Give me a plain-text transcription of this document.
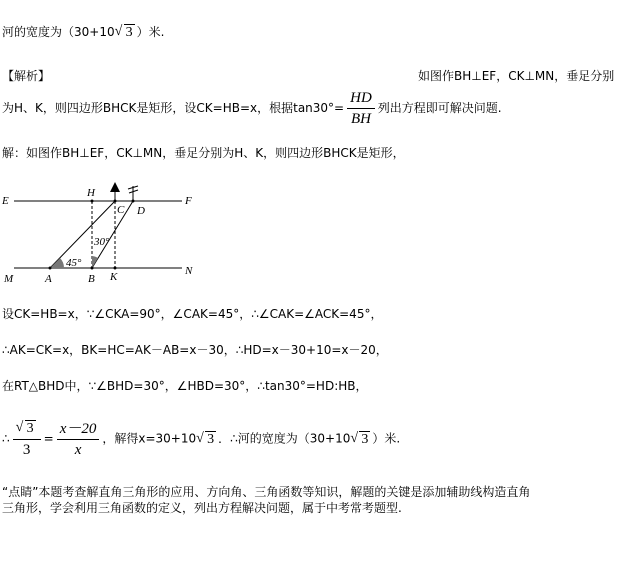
河的宽度为（30+10 √ 3 ）米.
【解析】	如图作BH⊥EF，CK⊥MN，垂足分别
为H、K，则四边形BHCK是矩形，设CK=HB=x，根据$\tan 30^\circ= \frac{HD}{BH}$ 列出方程即可解决问题.
解：如图作BH⊥EF，CK⊥MN，垂足分别为H、K，则四边形BHCK是矩形，
E	F
M
N
H
C D
A	B K
45°
30°
设CK=HB=x，∵∠CKA=90°，∠CAK=45°，∴∠CAK=∠ACK=45°，
∴AK=CK=x，BK=HC=AK－AB=x－30，∴HD=x－30+10=x－20，
在RT△BHD中，∵∠BHD=30°，∠HBD=30°，∴tan30°=HD:HB，
∴ √ $\frac{3}{3} = \frac{x-20}{x}$ ，解得x=30+10 √ 3 ．∴河的宽度为（30+10 √ 3 ）米.
“点睛”本题考查解直角三角形的应用、方向角、三角函数等知识，解题的关键是添加辅助线构造直角
三角形，学会利用三角函数的定义，列出方程解决问题，属于中考常考题型.
